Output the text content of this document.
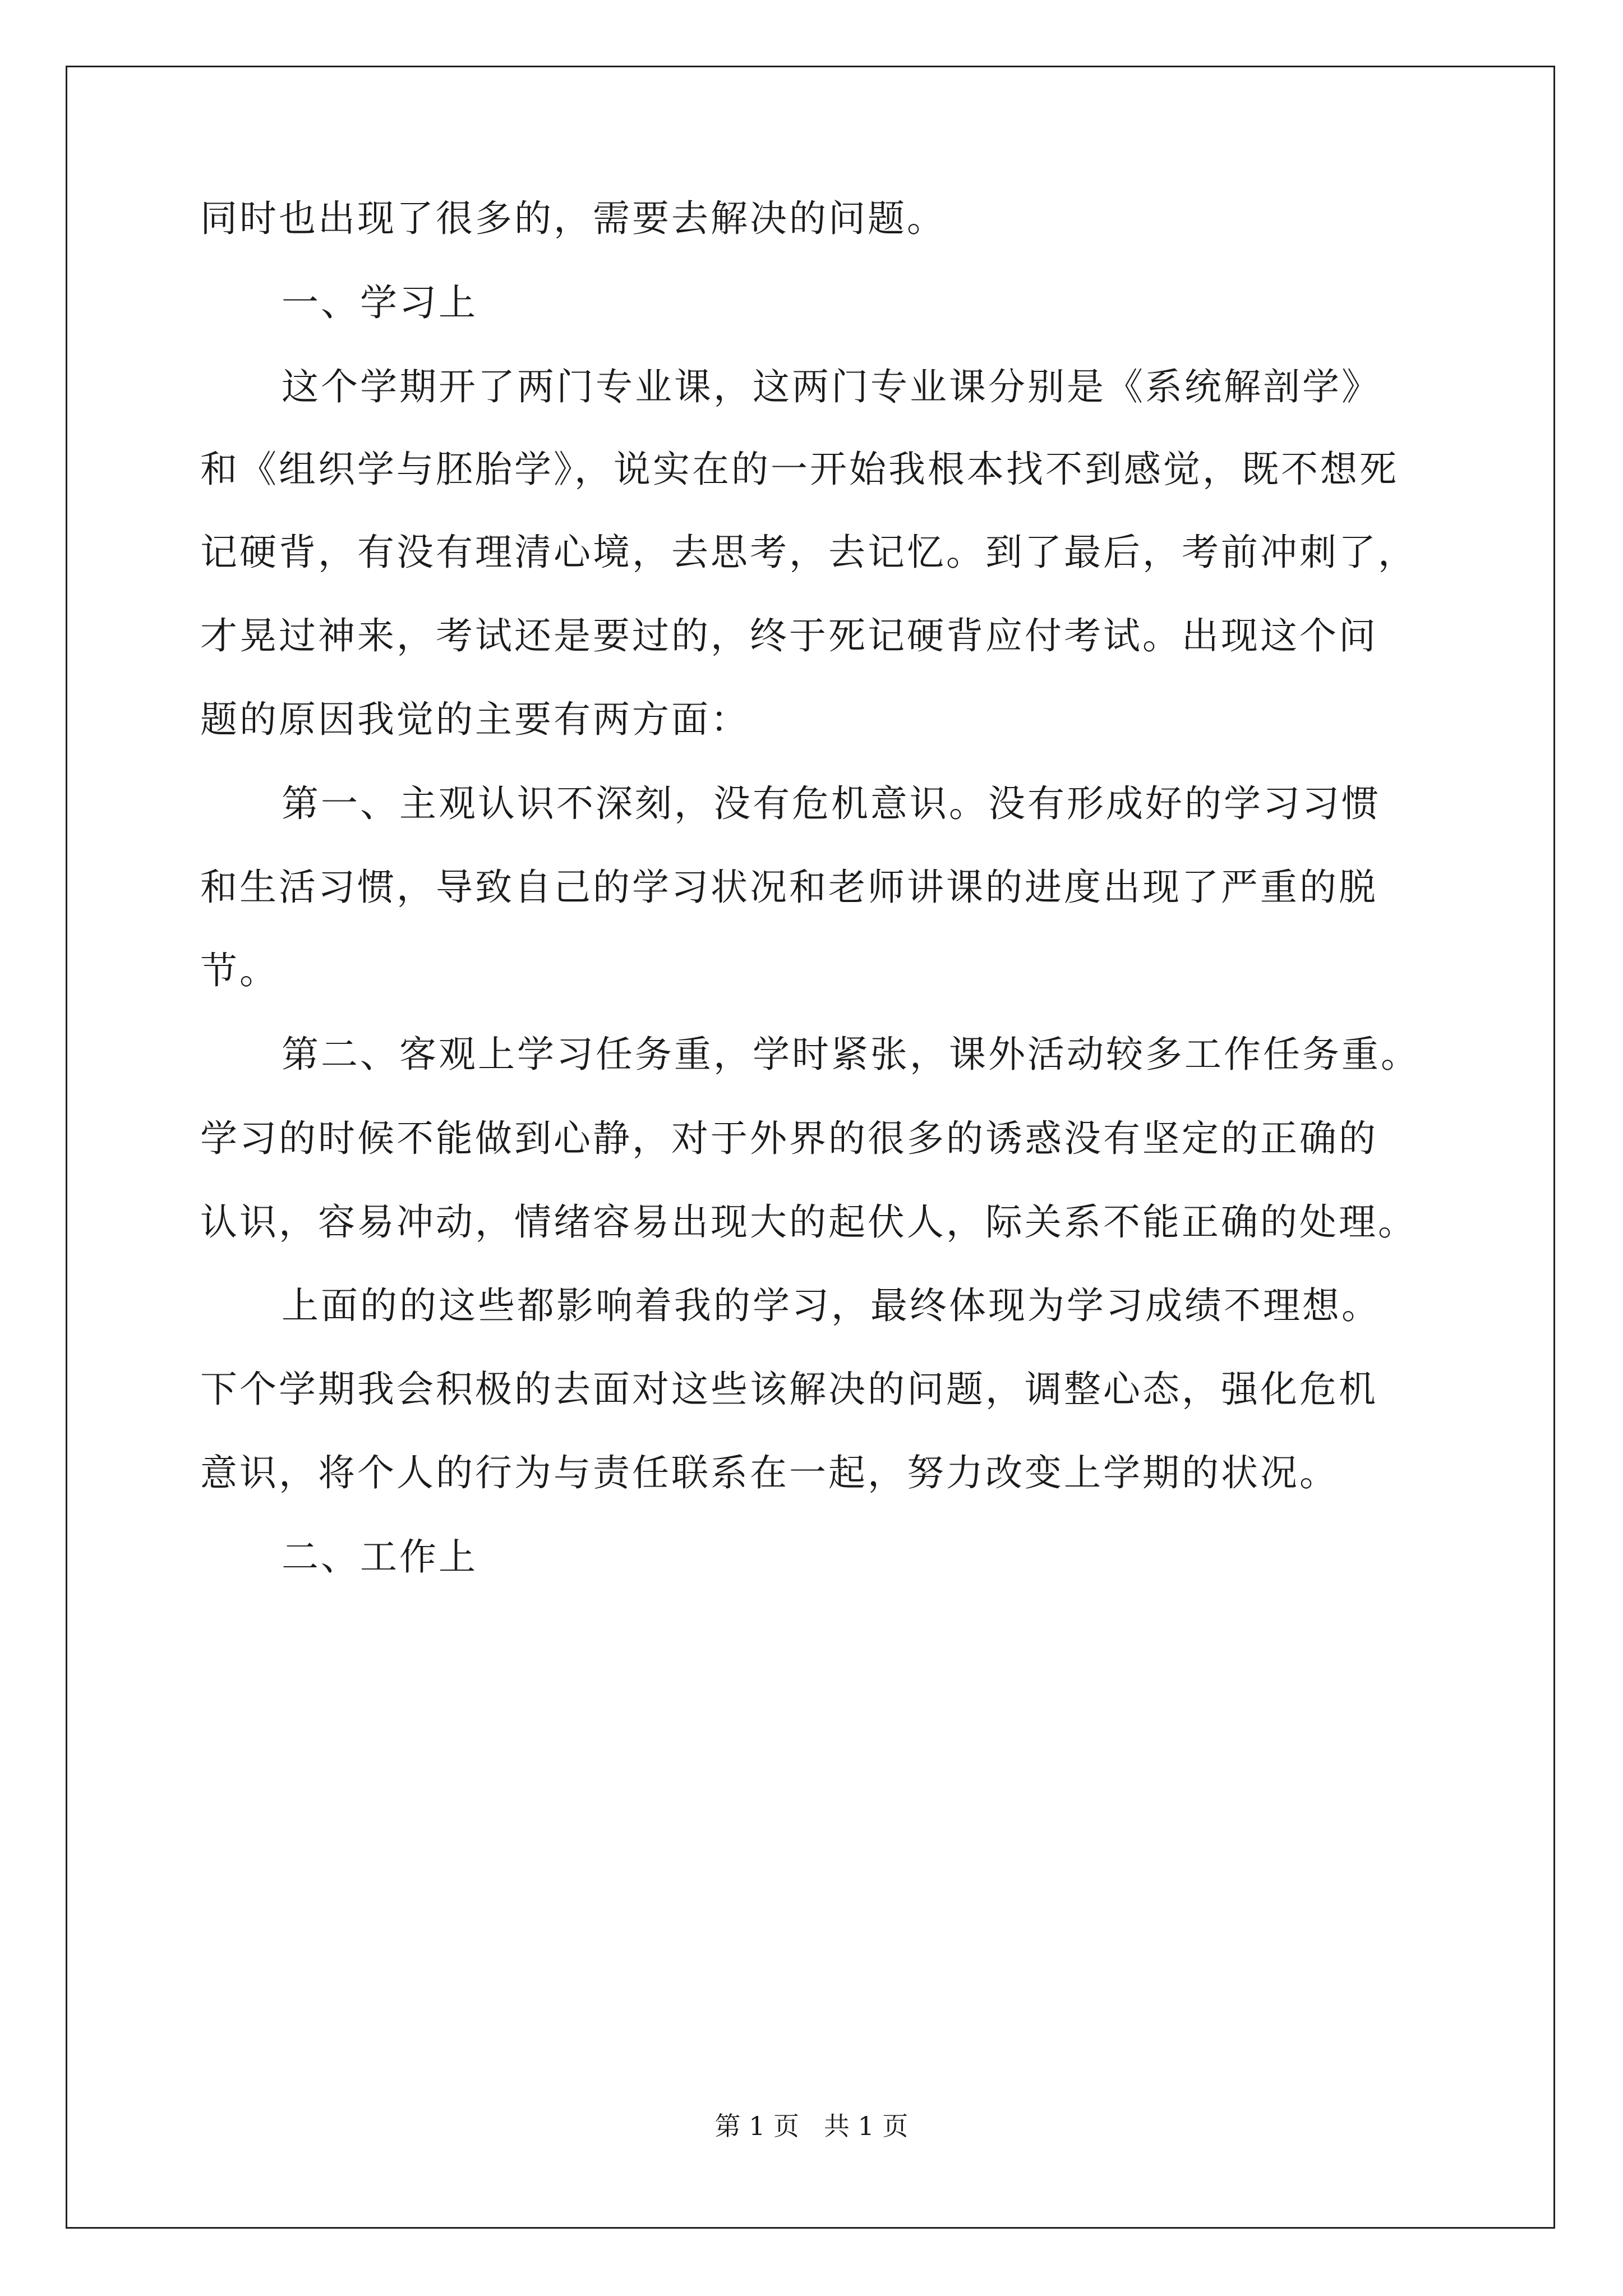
同时也出现了很多的，需要去解决的问题。
一、学习上
这个学期开了两门专业课，这两门专业课分别是《系统解剖学》
和《组织学与胚胎学》，说实在的一开始我根本找不到感觉，既不想死
记硬背，有没有理清心境，去思考，去记忆。到了最后，考前冲刺了，
才晃过神来，考试还是要过的，终于死记硬背应付考试。出现这个问
题的原因我觉的主要有两方面：
第一、主观认识不深刻，没有危机意识。没有形成好的学习习惯
和生活习惯，导致自己的学习状况和老师讲课的进度出现了严重的脱
节。
第二、客观上学习任务重，学时紧张，课外活动较多工作任务重。
学习的时候不能做到心静，对于外界的很多的诱惑没有坚定的正确的
认识，容易冲动，情绪容易出现大的起伏人，际关系不能正确的处理。
上面的的这些都影响着我的学习，最终体现为学习成绩不理想。
下个学期我会积极的去面对这些该解决的问题，调整心态，强化危机
意识，将个人的行为与责任联系在一起，努力改变上学期的状况。
二、工作上
第 1 页   共 1 页
